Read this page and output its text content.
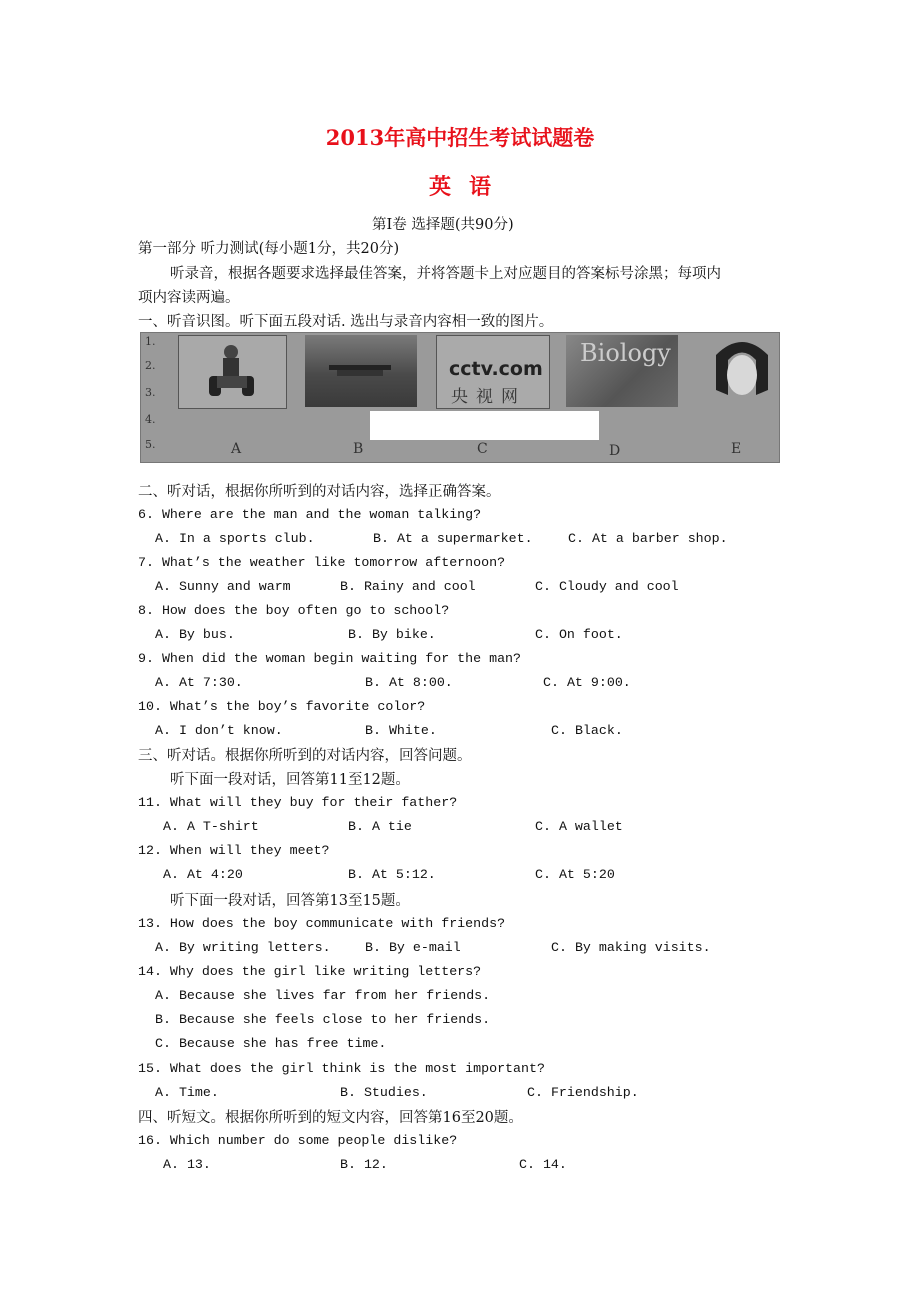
2013年高中招生考试试题卷
英语
第Ⅰ卷 选择题(共90分)
第一部分 听力测试(每小题1分，共20分)
听录音，根据各题要求选择最佳答案，并将答题卡上对应题目的答案标号涂黑；每项内
项内容读两遍。
一、听音识图。听下面五段对话. 选出与录音内容相一致的图片。
1.
2.
3.
4.
5.
cctv.com
央视网
Biology
A	B	C	D	E
二、听对话，根据你所听到的对话内容，选择正确答案。
6. Where are the man and the woman talking?
A. In a sports club.	B. At a supermarket.	C. At a barber shop.
7. What’s the weather like tomorrow afternoon?
A. Sunny and warm	B. Rainy and cool	C. Cloudy and cool
8. How does the boy often go to school?
A. By bus.	B. By bike.	C. On foot.
9. When did the woman begin waiting for the man?
A. At 7:30.	B. At 8:00.	C. At 9:00.
10. What’s the boy’s favorite color?
A. I don’t know.	B. White.	C. Black.
三、听对话。根据你所听到的对话内容，回答问题。
听下面一段对话，回答第11至12题。
11. What will they buy for their father?
A. A T-shirt	B. A tie	C. A wallet
12. When will they meet?
A. At 4:20	B. At 5:12.	C. At 5:20
听下面一段对话，回答第13至15题。
13. How does the boy communicate with friends?
A. By writing letters.	B. By e-mail	C. By making visits.
14. Why does the girl like writing letters?
A. Because she lives far from her friends.
B. Because she feels close to her friends.
C. Because she has free time.
15. What does the girl think is the most important?
A. Time.	B. Studies.	C. Friendship.
四、听短文。根据你所听到的短文内容，回答第16至20题。
16. Which number do some people dislike?
A. 13.	B. 12.	C. 14.
